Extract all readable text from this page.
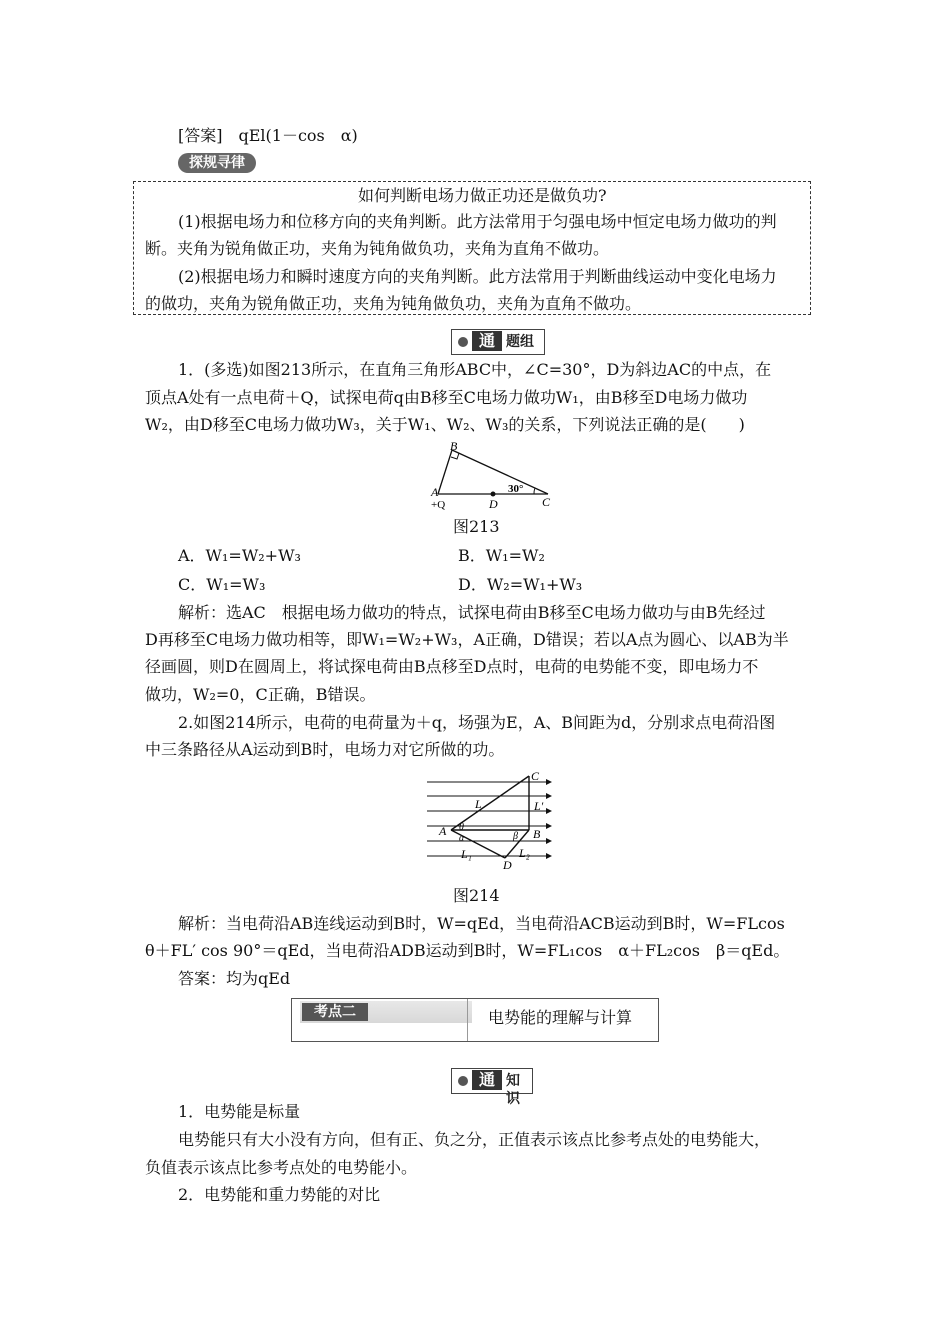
[答案]　qEl(1－cos　α)
探规寻律
如何判断电场力做正功还是做负功?
(1)根据电场力和位移方向的夹角判断。此方法常用于匀强电场中恒定电场力做功的判
断。夹角为锐角做正功，夹角为钝角做负功，夹角为直角不做功。
(2)根据电场力和瞬时速度方向的夹角判断。此方法常用于判断曲线运动中变化电场力
的做功，夹角为锐角做正功，夹角为钝角做负功，夹角为直角不做功。
通 题组
1．(多选)如图213所示，在直角三角形ABC中，∠C=30°，D为斜边AC的中点，在
顶点A处有一点电荷＋Q，试探电荷q由B移至C电场力做功W₁，由B移至D电场力做功
W₂，由D移至C电场力做功W₃，关于W₁、W₂、W₃的关系，下列说法正确的是(　　)
B
A
+Q	D	C
30°
图213
A．W₁=W₂+W₃	B．W₁=W₂
C．W₁=W₃	D．W₂=W₁+W₃
解析：选AC　根据电场力做功的特点，试探电荷由B移至C电场力做功与由B先经过
D再移至C电场力做功相等，即W₁=W₂+W₃，A正确，D错误；若以A点为圆心、以AB为半
径画圆，则D在圆周上，将试探电荷由B点移至D点时，电荷的电势能不变，即电场力不
做功，W₂=0，C正确，B错误。
2.如图214所示，电荷的电荷量为＋q，场强为E，A、B间距为d，分别求点电荷沿图
中三条路径从A运动到B时，电场力对它所做的功。
A	B
C
D
L	L′
L₁	L₂
θ
α	β
图214
解析：当电荷沿AB连线运动到B时，W=qEd，当电荷沿ACB运动到B时，W=FLcos
θ＋FL′ cos 90°＝qEd，当电荷沿ADB运动到B时，W=FL₁cos　α＋FL₂cos　β＝qEd。
答案：均为qEd
考点二	电势能的理解与计算
通 知识
1．电势能是标量
电势能只有大小没有方向，但有正、负之分，正值表示该点比参考点处的电势能大，
负值表示该点比参考点处的电势能小。
2．电势能和重力势能的对比
